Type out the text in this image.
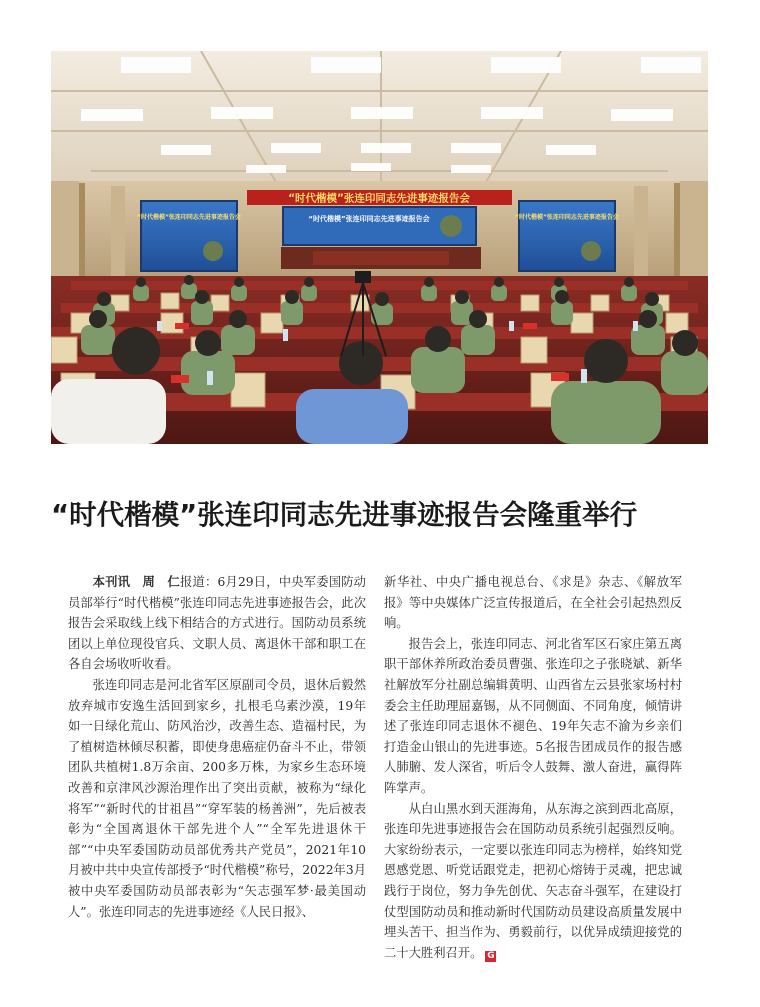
“时代楷模”张连印同志先进事迹报告会
“时代楷模”张连印同志先进事迹报告会	“时代楷模”张连印同志先进事迹报告会
“时代楷模”张连印同志先进事迹报告会
“时代楷模”张连印同志先进事迹报告会隆重举行

本刊讯　周　仁报道：6月29日，中央军委国防动员部举行“时代楷模”张连印同志先进事迹报告会，此次报告会采取线上线下相结合的方式进行。国防动员系统团以上单位现役官兵、文职人员、离退休干部和职工在各自会场收听收看。

张连印同志是河北省军区原副司令员，退休后毅然放弃城市安逸生活回到家乡，扎根毛乌素沙漠，19年如一日绿化荒山、防风治沙，改善生态、造福村民，为了植树造林倾尽积蓄，即使身患癌症仍奋斗不止，带领团队共植树1.8万余亩、200多万株，为家乡生态环境改善和京津风沙源治理作出了突出贡献，被称为“绿化将军”“新时代的甘祖昌”“穿军装的杨善洲”，先后被表彰为“全国离退休干部先进个人”“全军先进退休干部”“中央军委国防动员部优秀共产党员”，2021年10月被中共中央宣传部授予“时代楷模”称号，2022年3月被中央军委国防动员部表彰为“矢志强军梦·最美国动人”。张连印同志的先进事迹经《人民日报》、

新华社、中央广播电视总台、《求是》杂志、《解放军报》等中央媒体广泛宣传报道后，在全社会引起热烈反响。

报告会上，张连印同志、河北省军区石家庄第五离职干部休养所政治委员曹强、张连印之子张晓斌、新华社解放军分社副总编辑黄明、山西省左云县张家场村村委会主任助理屈嘉锡，从不同侧面、不同角度，倾情讲述了张连印同志退休不褪色、19年矢志不渝为乡亲们打造金山银山的先进事迹。5名报告团成员作的报告感人肺腑、发人深省，听后令人鼓舞、激人奋进，赢得阵阵掌声。

从白山黑水到天涯海角，从东海之滨到西北高原，张连印先进事迹报告会在国防动员系统引起强烈反响。大家纷纷表示，一定要以张连印同志为榜样，始终知党恩感党恩、听党话跟党走，把初心熔铸于灵魂，把忠诚践行于岗位，努力争先创优、矢志奋斗强军，在建设打仗型国防动员和推动新时代国防动员建设高质量发展中埋头苦干、担当作为、勇毅前行，以优异成绩迎接党的二十大胜利召开。 G
